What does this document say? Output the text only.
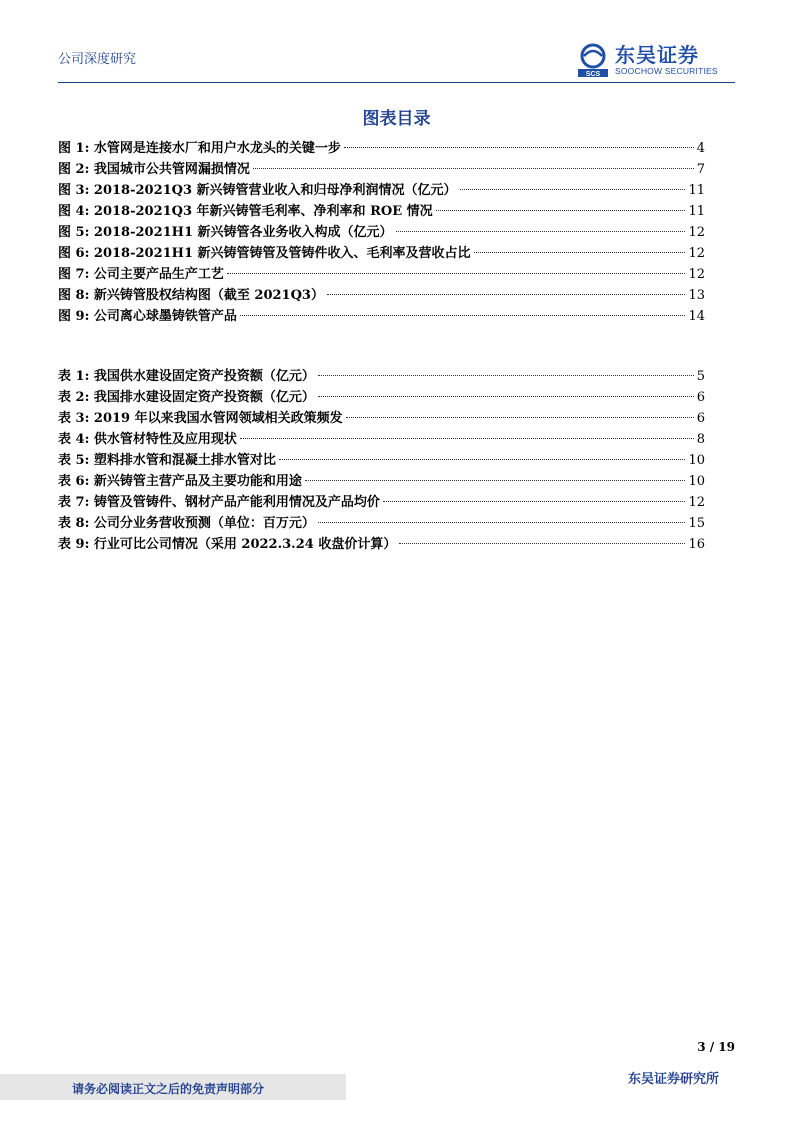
公司深度研究
SCS
东吴证券
SOOCHOW SECURITIES
图表目录
图 1: 水管网是连接水厂和用户水龙头的关键一步	4
图 2: 我国城市公共管网漏损情况	7
图 3: 2018-2021Q3 新兴铸管营业收入和归母净利润情况（亿元）	11
图 4: 2018-2021Q3 年新兴铸管毛利率、净利率和 ROE 情况	11
图 5: 2018-2021H1 新兴铸管各业务收入构成（亿元）	12
图 6: 2018-2021H1 新兴铸管铸管及管铸件收入、毛利率及营收占比	12
图 7: 公司主要产品生产工艺	12
图 8: 新兴铸管股权结构图（截至 2021Q3）	13
图 9: 公司离心球墨铸铁管产品	14
表 1: 我国供水建设固定资产投资额（亿元）	5
表 2: 我国排水建设固定资产投资额（亿元）	6
表 3: 2019 年以来我国水管网领域相关政策频发	6
表 4: 供水管材特性及应用现状	8
表 5: 塑料排水管和混凝土排水管对比	10
表 6: 新兴铸管主营产品及主要功能和用途	10
表 7: 铸管及管铸件、钢材产品产能利用情况及产品均价	12
表 8: 公司分业务营收预测（单位：百万元）	15
表 9: 行业可比公司情况（采用 2022.3.24 收盘价计算）	16
3 / 19
请务必阅读正文之后的免责声明部分
东吴证券研究所
